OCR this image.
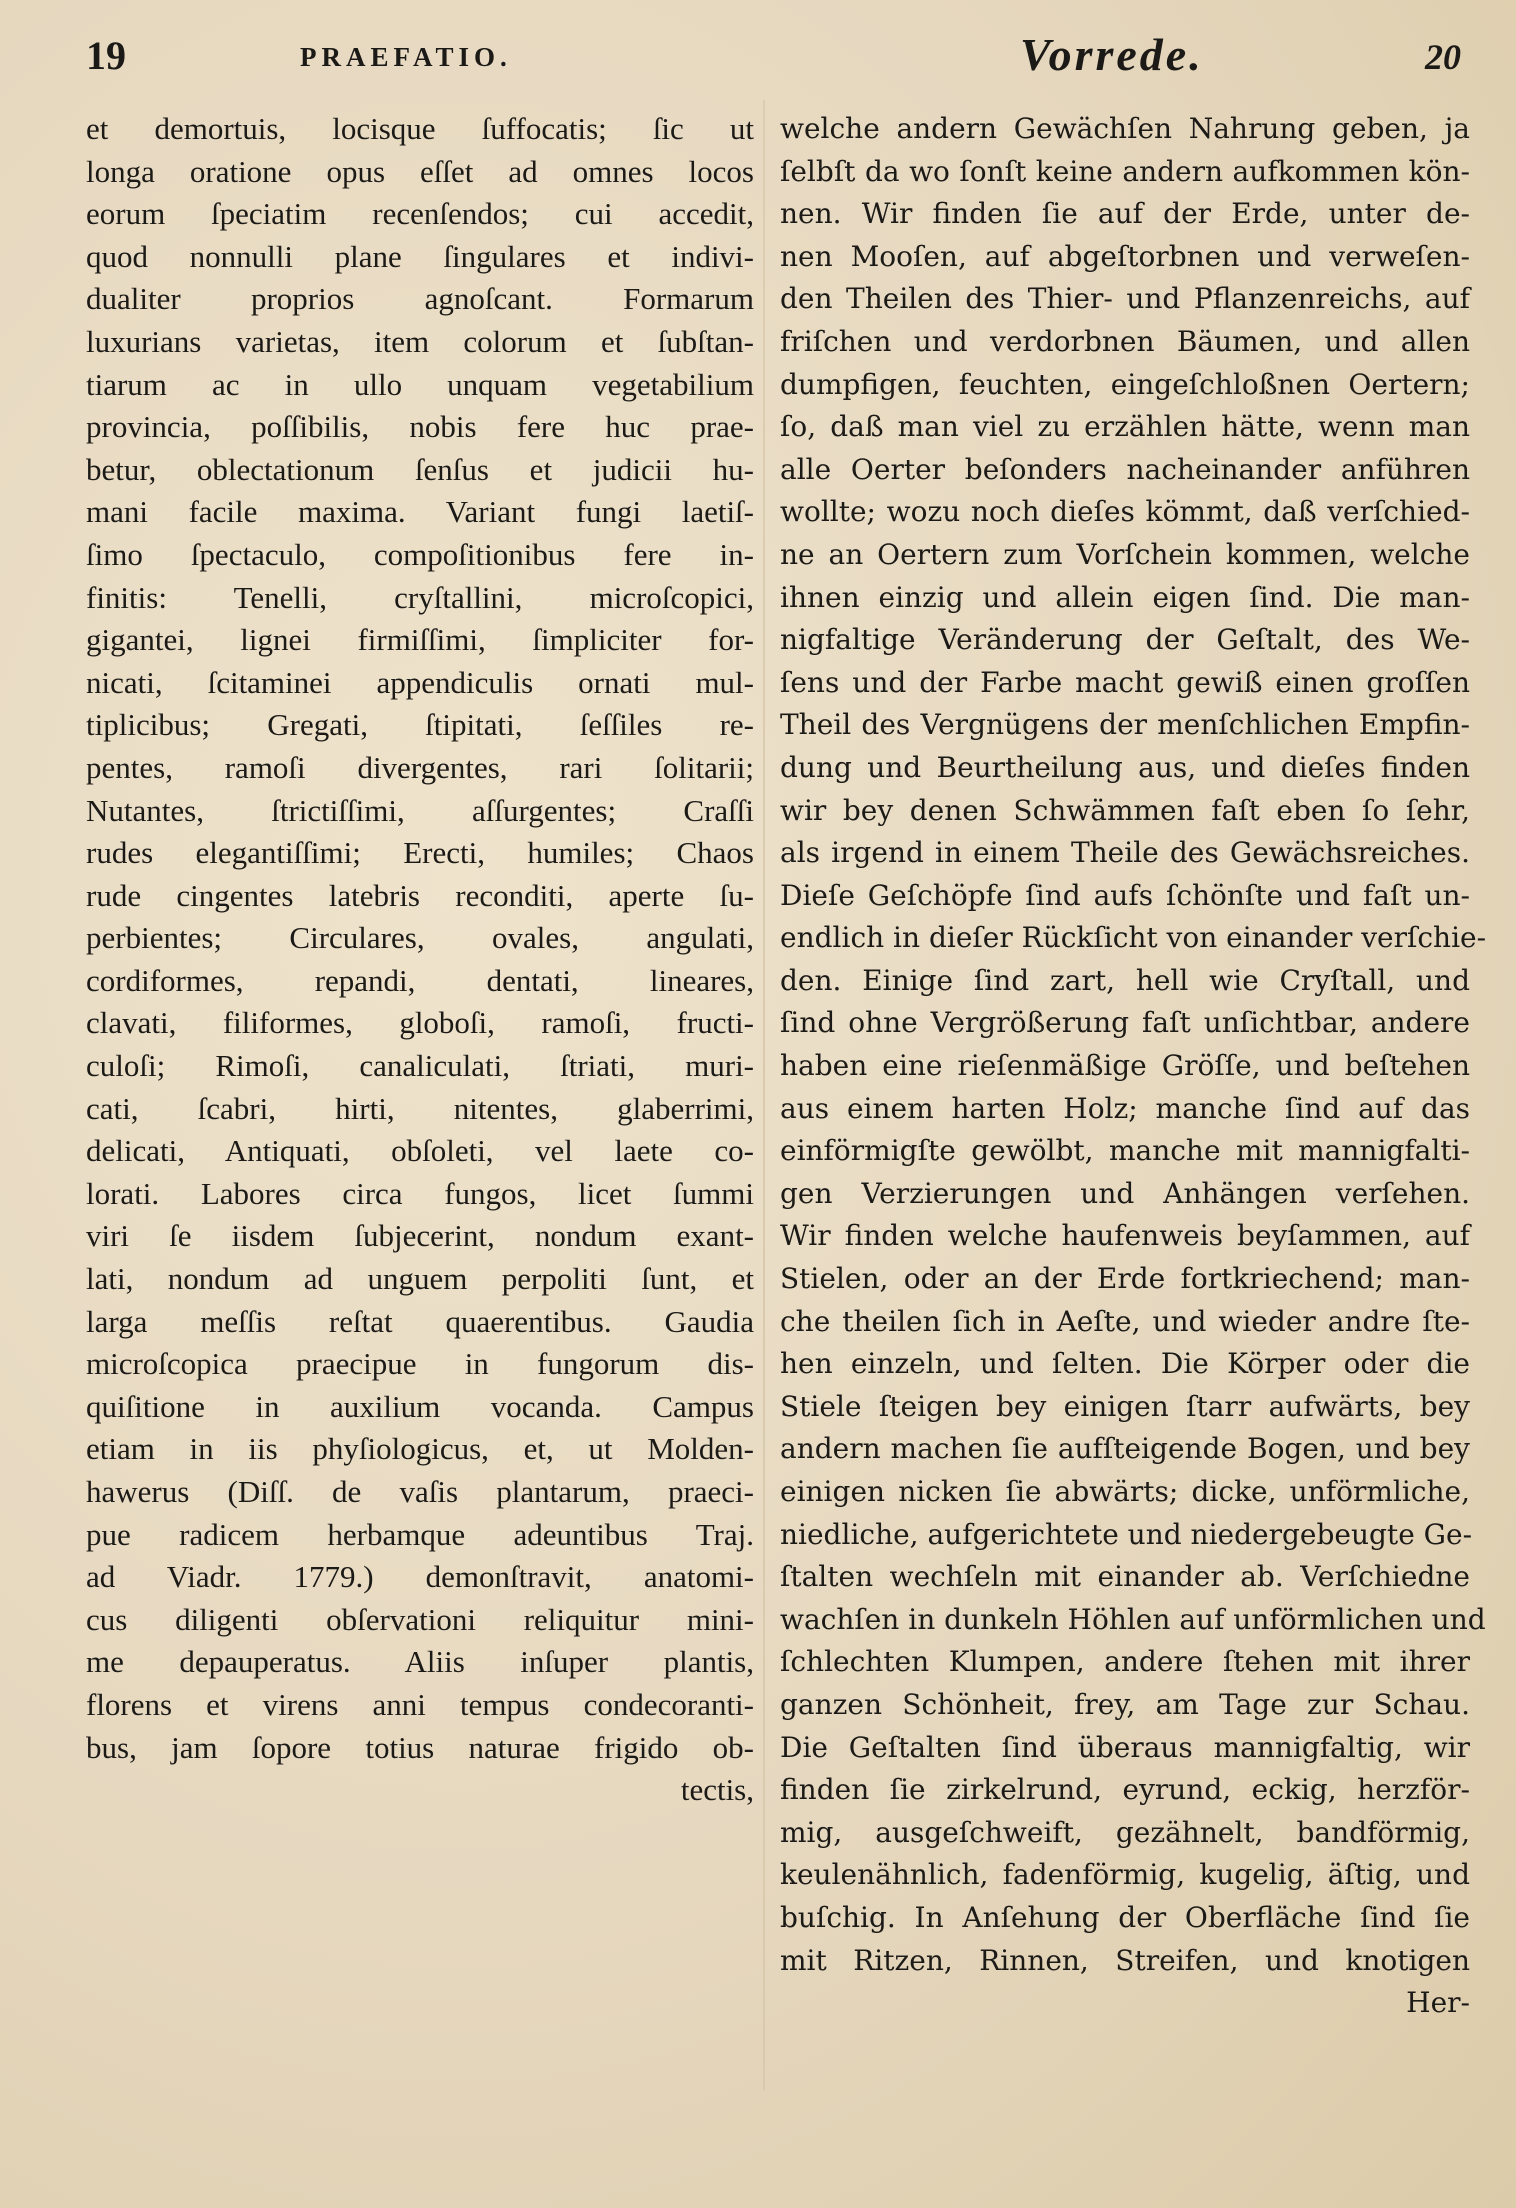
19	PRAEFATIO.	Vorrede.	20
et demortuis, locisque ſuffocatis; ſic ut
longa oratione opus eſſet ad omnes locos
eorum ſpeciatim recenſendos; cui accedit,
quod nonnulli plane ſingulares et indivi-
dualiter proprios agnoſcant. Formarum
luxurians varietas, item colorum et ſubſtan-
tiarum ac in ullo unquam vegetabilium
provincia, poſſibilis, nobis fere huc prae-
betur, oblectationum ſenſus et judicii hu-
mani facile maxima. Variant fungi laetiſ-
ſimo ſpectaculo, compoſitionibus fere in-
finitis: Tenelli, cryſtallini, microſcopici,
gigantei, lignei firmiſſimi, ſimpliciter for-
nicati, ſcitaminei appendiculis ornati mul-
tiplicibus; Gregati, ſtipitati, ſeſſiles re-
pentes, ramoſi divergentes, rari ſolitarii;
Nutantes, ſtrictiſſimi, aſſurgentes; Craſſi
rudes elegantiſſimi; Erecti, humiles; Chaos
rude cingentes latebris reconditi, aperte ſu-
perbientes; Circulares, ovales, angulati,
cordiformes, repandi, dentati, lineares,
clavati, filiformes, globoſi, ramoſi, fructi-
culoſi; Rimoſi, canaliculati, ſtriati, muri-
cati, ſcabri, hirti, nitentes, glaberrimi,
delicati, Antiquati, obſoleti, vel laete co-
lorati. Labores circa fungos, licet ſummi
viri ſe iisdem ſubjecerint, nondum exant-
lati, nondum ad unguem perpoliti ſunt, et
larga meſſis reſtat quaerentibus. Gaudia
microſcopica praecipue in fungorum dis-
quiſitione in auxilium vocanda. Campus
etiam in iis phyſiologicus, et, ut Molden-
hawerus (Diſſ. de vaſis plantarum, praeci-
pue radicem herbamque adeuntibus Traj.
ad Viadr. 1779.) demonſtravit, anatomi-
cus diligenti obſervationi reliquitur mini-
me depauperatus. Aliis inſuper plantis,
florens et virens anni tempus condecoranti-
bus, jam ſopore totius naturae frigido ob-
tectis,
welche andern Gewächſen Nahrung geben, ja
ſelbſt da wo ſonſt keine andern aufkommen kön-
nen. Wir finden ſie auf der Erde, unter de-
nen Mooſen, auf abgeſtorbnen und verweſen-
den Theilen des Thier- und Pflanzenreichs, auf
friſchen und verdorbnen Bäumen, und allen
dumpfigen, feuchten, eingeſchloßnen Oertern;
ſo, daß man viel zu erzählen hätte, wenn man
alle Oerter beſonders nacheinander anführen
wollte; wozu noch dieſes kömmt, daß verſchied-
ne an Oertern zum Vorſchein kommen, welche
ihnen einzig und allein eigen ſind. Die man-
nigfaltige Veränderung der Geſtalt, des We-
ſens und der Farbe macht gewiß einen groſſen
Theil des Vergnügens der menſchlichen Empfin-
dung und Beurtheilung aus, und dieſes finden
wir bey denen Schwämmen faſt eben ſo ſehr,
als irgend in einem Theile des Gewächsreiches.
Dieſe Geſchöpfe ſind aufs ſchönſte und faſt un-
endlich in dieſer Rückſicht von einander verſchie-
den. Einige ſind zart, hell wie Cryſtall, und
ſind ohne Vergrößerung faſt unſichtbar, andere
haben eine rieſenmäßige Gröſſe, und beſtehen
aus einem harten Holz; manche ſind auf das
einförmigſte gewölbt, manche mit mannigfalti-
gen Verzierungen und Anhängen verſehen.
Wir finden welche haufenweis beyſammen, auf
Stielen, oder an der Erde fortkriechend; man-
che theilen ſich in Aeſte, und wieder andre ſte-
hen einzeln, und ſelten. Die Körper oder die
Stiele ſteigen bey einigen ſtarr aufwärts, bey
andern machen ſie aufſteigende Bogen, und bey
einigen nicken ſie abwärts; dicke, unförmliche,
niedliche, aufgerichtete und niedergebeugte Ge-
ſtalten wechſeln mit einander ab. Verſchiedne
wachſen in dunkeln Höhlen auf unförmlichen und
ſchlechten Klumpen, andere ſtehen mit ihrer
ganzen Schönheit, frey, am Tage zur Schau.
Die Geſtalten ſind überaus mannigfaltig, wir
finden ſie zirkelrund, eyrund, eckig, herzför-
mig, ausgeſchweift, gezähnelt, bandförmig,
keulenähnlich, fadenförmig, kugelig, äſtig, und
buſchig. In Anſehung der Oberfläche ſind ſie
mit Ritzen, Rinnen, Streifen, und knotigen
Her-
